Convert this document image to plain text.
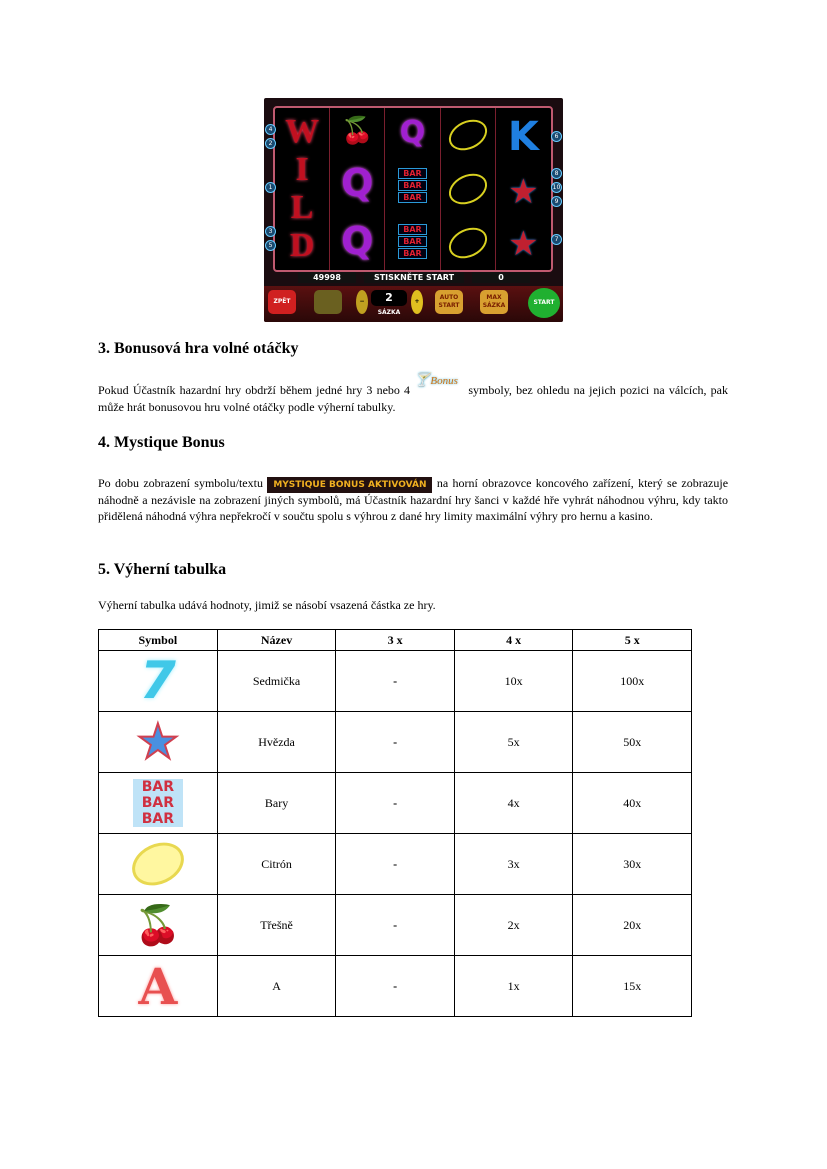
W
I
L
D
🍒
Q
Q
Q
BAR
BAR
BAR
BAR
BAR
BAR
K
★
★
4
2
1
3
5
6
8
10
9
7
49998	STISKNĚTE START	0
ZPĚT	−	2
SÁZKA
+
AUTO START
MAX SÁZKA	START
3. Bonusová hra volné otáčky

Pokud Účastník hazardní hry obdrží během jedné hry 3 nebo 4 🍸Bonus symboly, bez ohledu na jejich pozici na válcích, pak může hrát bonusovou hru volné otáčky podle výherní tabulky.

4. Mystique Bonus

Po dobu zobrazení symbolu/textu MYSTIQUE BONUS AKTIVOVÁN na horní obrazovce koncového zařízení, který se zobrazuje náhodně a nezávisle na zobrazení jiných symbolů, má Účastník hazardní hry šanci v každé hře vyhrát náhodnou výhru, kdy takto přidělená náhodná výhra nepřekročí v součtu spolu s výhrou z dané hry limity maximální výhry pro hernu a kasino.

5. Výherní tabulka

Výherní tabulka udává hodnoty, jimiž se násobí vsazená částka ze hry.

Symbol	Název	3 x	4 x	5 x
7	Sedmička	-	10x	100x
★	Hvězda	-	5x	50x

BAR
BAR
BAR	Bary	-	4x	40x

	Citrón	-	3x	30x
🍒	Třešně	-	2x	20x
A	A	-	1x	15x
